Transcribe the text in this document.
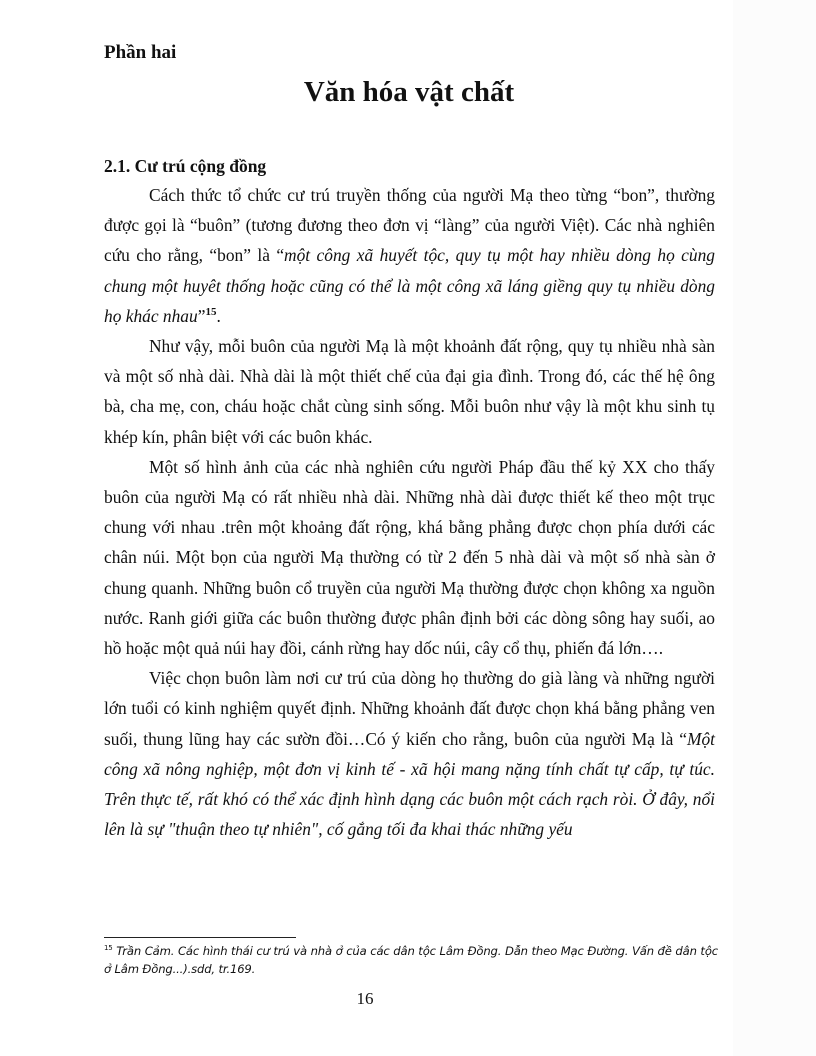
Phần hai
Văn hóa vật chất
2.1. Cư trú cộng đồng

Cách thức tổ chức cư trú truyền thống của người Mạ theo từng “bon”, thường được gọi là “buôn” (tương đương theo đơn vị “làng” của người Việt). Các nhà nghiên cứu cho rằng, “bon” là “một công xã huyết tộc, quy tụ một hay nhiều dòng họ cùng chung một huyêt thống hoặc cũng có thể là một công xã láng giềng quy tụ nhiều dòng họ khác nhau”$^{15}$.

Như vậy, mỗi buôn của người Mạ là một khoảnh đất rộng, quy tụ nhiều nhà sàn và một số nhà dài. Nhà dài là một thiết chế của đại gia đình. Trong đó, các thế hệ ông bà, cha mẹ, con, cháu hoặc chắt cùng sinh sống. Mỗi buôn như vậy là một khu sinh tụ khép kín, phân biệt với các buôn khác.

Một số hình ảnh của các nhà nghiên cứu người Pháp đầu thế kỷ XX cho thấy buôn của người Mạ có rất nhiều nhà dài. Những nhà dài được thiết kế theo một trục chung với nhau .trên một khoảng đất rộng, khá bằng phẳng được chọn phía dưới các chân núi. Một bọn của người Mạ thường có từ 2 đến 5 nhà dài và một số nhà sàn ở chung quanh. Những buôn cổ truyền của người Mạ thường được chọn không xa nguồn nước. Ranh giới giữa các buôn thường được phân định bởi các dòng sông hay suối, ao hồ hoặc một quả núi hay đồi, cánh rừng hay dốc núi, cây cổ thụ, phiến đá lớn….

Việc chọn buôn làm nơi cư trú của dòng họ thường do già làng và những người lớn tuổi có kinh nghiệm quyết định. Những khoảnh đất được chọn khá bằng phẳng ven suối, thung lũng hay các sườn đồi…Có ý kiến cho rằng, buôn của người Mạ là “Một công xã nông nghiệp, một đơn vị kinh tế - xã hội mang nặng tính chất tự cấp, tự túc. Trên thực tế, rất khó có thể xác định hình dạng các buôn một cách rạch ròi. Ở đây, nổi lên là sự "thuận theo tự nhiên", cố gắng tối đa khai thác những yếu

$^{15}$ Trần Cảm. Các hình thái cư trú và nhà ở của các dân tộc Lâm Đồng. Dẫn theo Mạc Đường. Vấn đề dân tộc ở Lâm Đồng...).sdd, tr.169.
16
